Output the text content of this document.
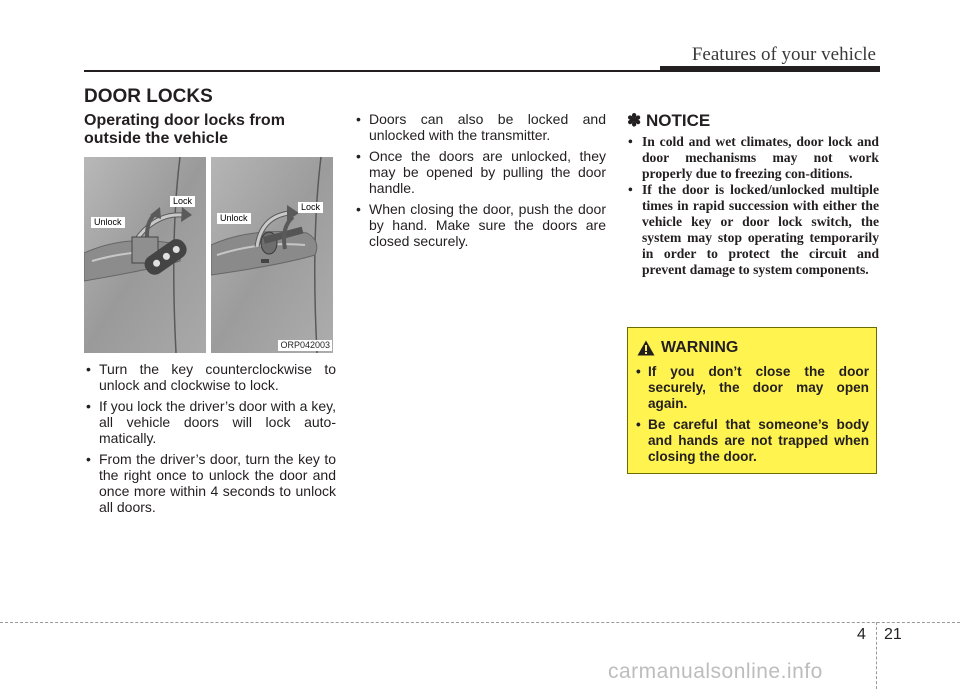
Features of your vehicle
DOOR LOCKS
Operating door locks from outside the vehicle
Unlock
Lock
Unlock
Lock
ORP042003
• Turn the key counterclockwise to unlock and clockwise to lock.
• If you lock the driver’s door with a key, all vehicle doors will lock auto-matically.
• From the driver’s door, turn the key to the right once to unlock the door and once more within 4 seconds to unlock all doors.
• Doors can also be locked and unlocked with the transmitter.
• Once the doors are unlocked, they may be opened by pulling the door handle.
• When closing the door, push the door by hand. Make sure the doors are closed securely.
✽ NOTICE
• In cold and wet climates, door lock and door mechanisms may not work properly due to freezing con-ditions.
• If the door is locked/unlocked multiple times in rapid succession with either the vehicle key or door lock switch, the system may stop operating temporarily in order to protect the circuit and prevent damage to system components.
WARNING
• If you don’t close the door securely, the door may open again.
• Be careful that someone’s body and hands are not trapped when closing the door.
4 21
carmanualsonline.info
